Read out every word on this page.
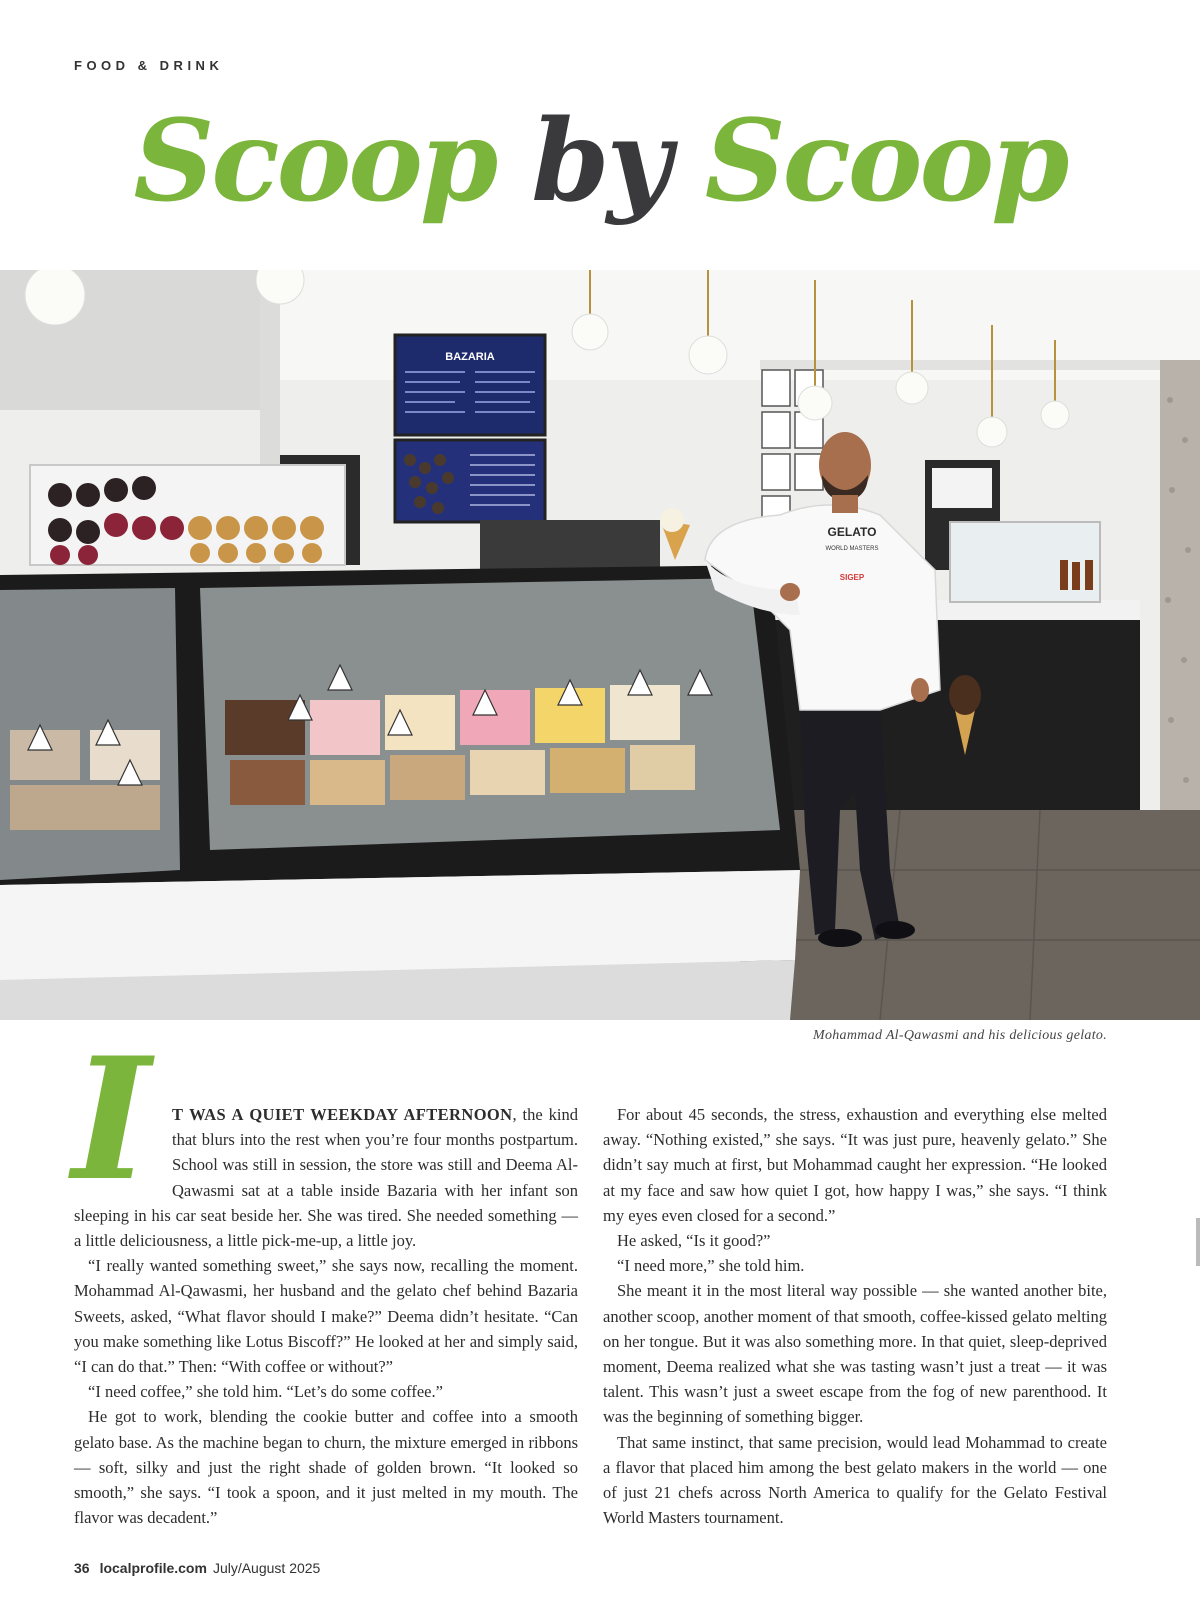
FOOD & DRINK
Scoop by Scoop
BAZARIA
GELATO
WORLD MASTERS
SIGEP
Mohammad Al-Qawasmi and his delicious gelato.

I	T WAS A QUIET WEEKDAY AFTERNOON, the kind that blurs into the rest when you’re four months postpartum. School was still in session, the store was still and Deema Al-Qawasmi sat at a table inside Bazaria with her infant son sleeping in his car seat beside her. She was tired. She needed something — a little deliciousness, a little pick-me-up, a little joy.

“I really wanted something sweet,” she says now, recalling the moment. Mohammad Al-Qawasmi, her husband and the gelato chef behind Bazaria Sweets, asked, “What flavor should I make?” Deema didn’t hesitate. “Can you make something like Lotus Biscoff?” He looked at her and simply said, “I can do that.” Then: “With coffee or without?”

“I need coffee,” she told him. “Let’s do some coffee.”

He got to work, blending the cookie butter and coffee into a smooth gelato base. As the machine began to churn, the mixture emerged in ribbons — soft, silky and just the right shade of golden brown. “It looked so smooth,” she says. “I took a spoon, and it just melted in my mouth. The flavor was decadent.”

For about 45 seconds, the stress, exhaustion and everything else melted away. “Nothing existed,” she says. “It was just pure, heavenly gelato.” She didn’t say much at first, but Mohammad caught her expression. “He looked at my face and saw how quiet I got, how happy I was,” she says. “I think my eyes even closed for a second.”

He asked, “Is it good?”

“I need more,” she told him.

She meant it in the most literal way possible — she wanted another bite, another scoop, another moment of that smooth, coffee-kissed gelato melting on her tongue. But it was also something more. In that quiet, sleep-deprived moment, Deema realized what she was tasting wasn’t just a treat — it was talent. This wasn’t just a sweet escape from the fog of new parenthood. It was the beginning of something bigger.

That same instinct, that same precision, would lead Mohammad to create a flavor that placed him among the best gelato makers in the world — one of just 21 chefs across North America to qualify for the Gelato Festival World Masters tournament.

36 localprofile.com July/August 2025
